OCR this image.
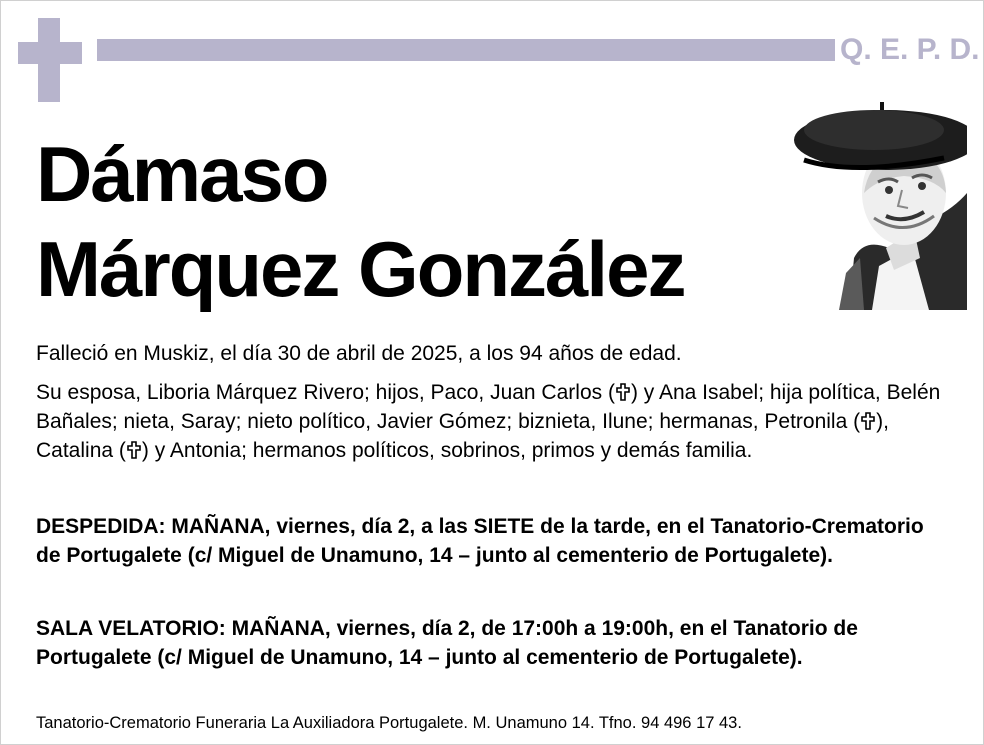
Q. E. P. D.
Dámaso
Márquez González
Falleció en Muskiz, el día 30 de abril de 2025, a los 94 años de edad.
Su esposa, Liboria Márquez Rivero; hijos, Paco, Juan Carlos ( ) y Ana Isabel; hija política, Belén Bañales; nieta, Saray; nieto político, Javier Gómez; biznieta, Ilune; hermanas, Petronila ( ), Catalina ( ) y Antonia; hermanos políticos, sobrinos, primos y demás familia.
DESPEDIDA: MAÑANA, viernes, día 2, a las SIETE de la tarde, en el Tanatorio-Crematorio de Portugalete (c/ Miguel de Unamuno, 14 – junto al cementerio de Portugalete).
SALA VELATORIO: MAÑANA, viernes, día 2, de 17:00h a 19:00h, en el Tanatorio de Portugalete (c/ Miguel de Unamuno, 14 – junto al cementerio de Portugalete).
Tanatorio-Crematorio Funeraria La Auxiliadora Portugalete. M. Unamuno 14. Tfno. 94 496 17 43.
